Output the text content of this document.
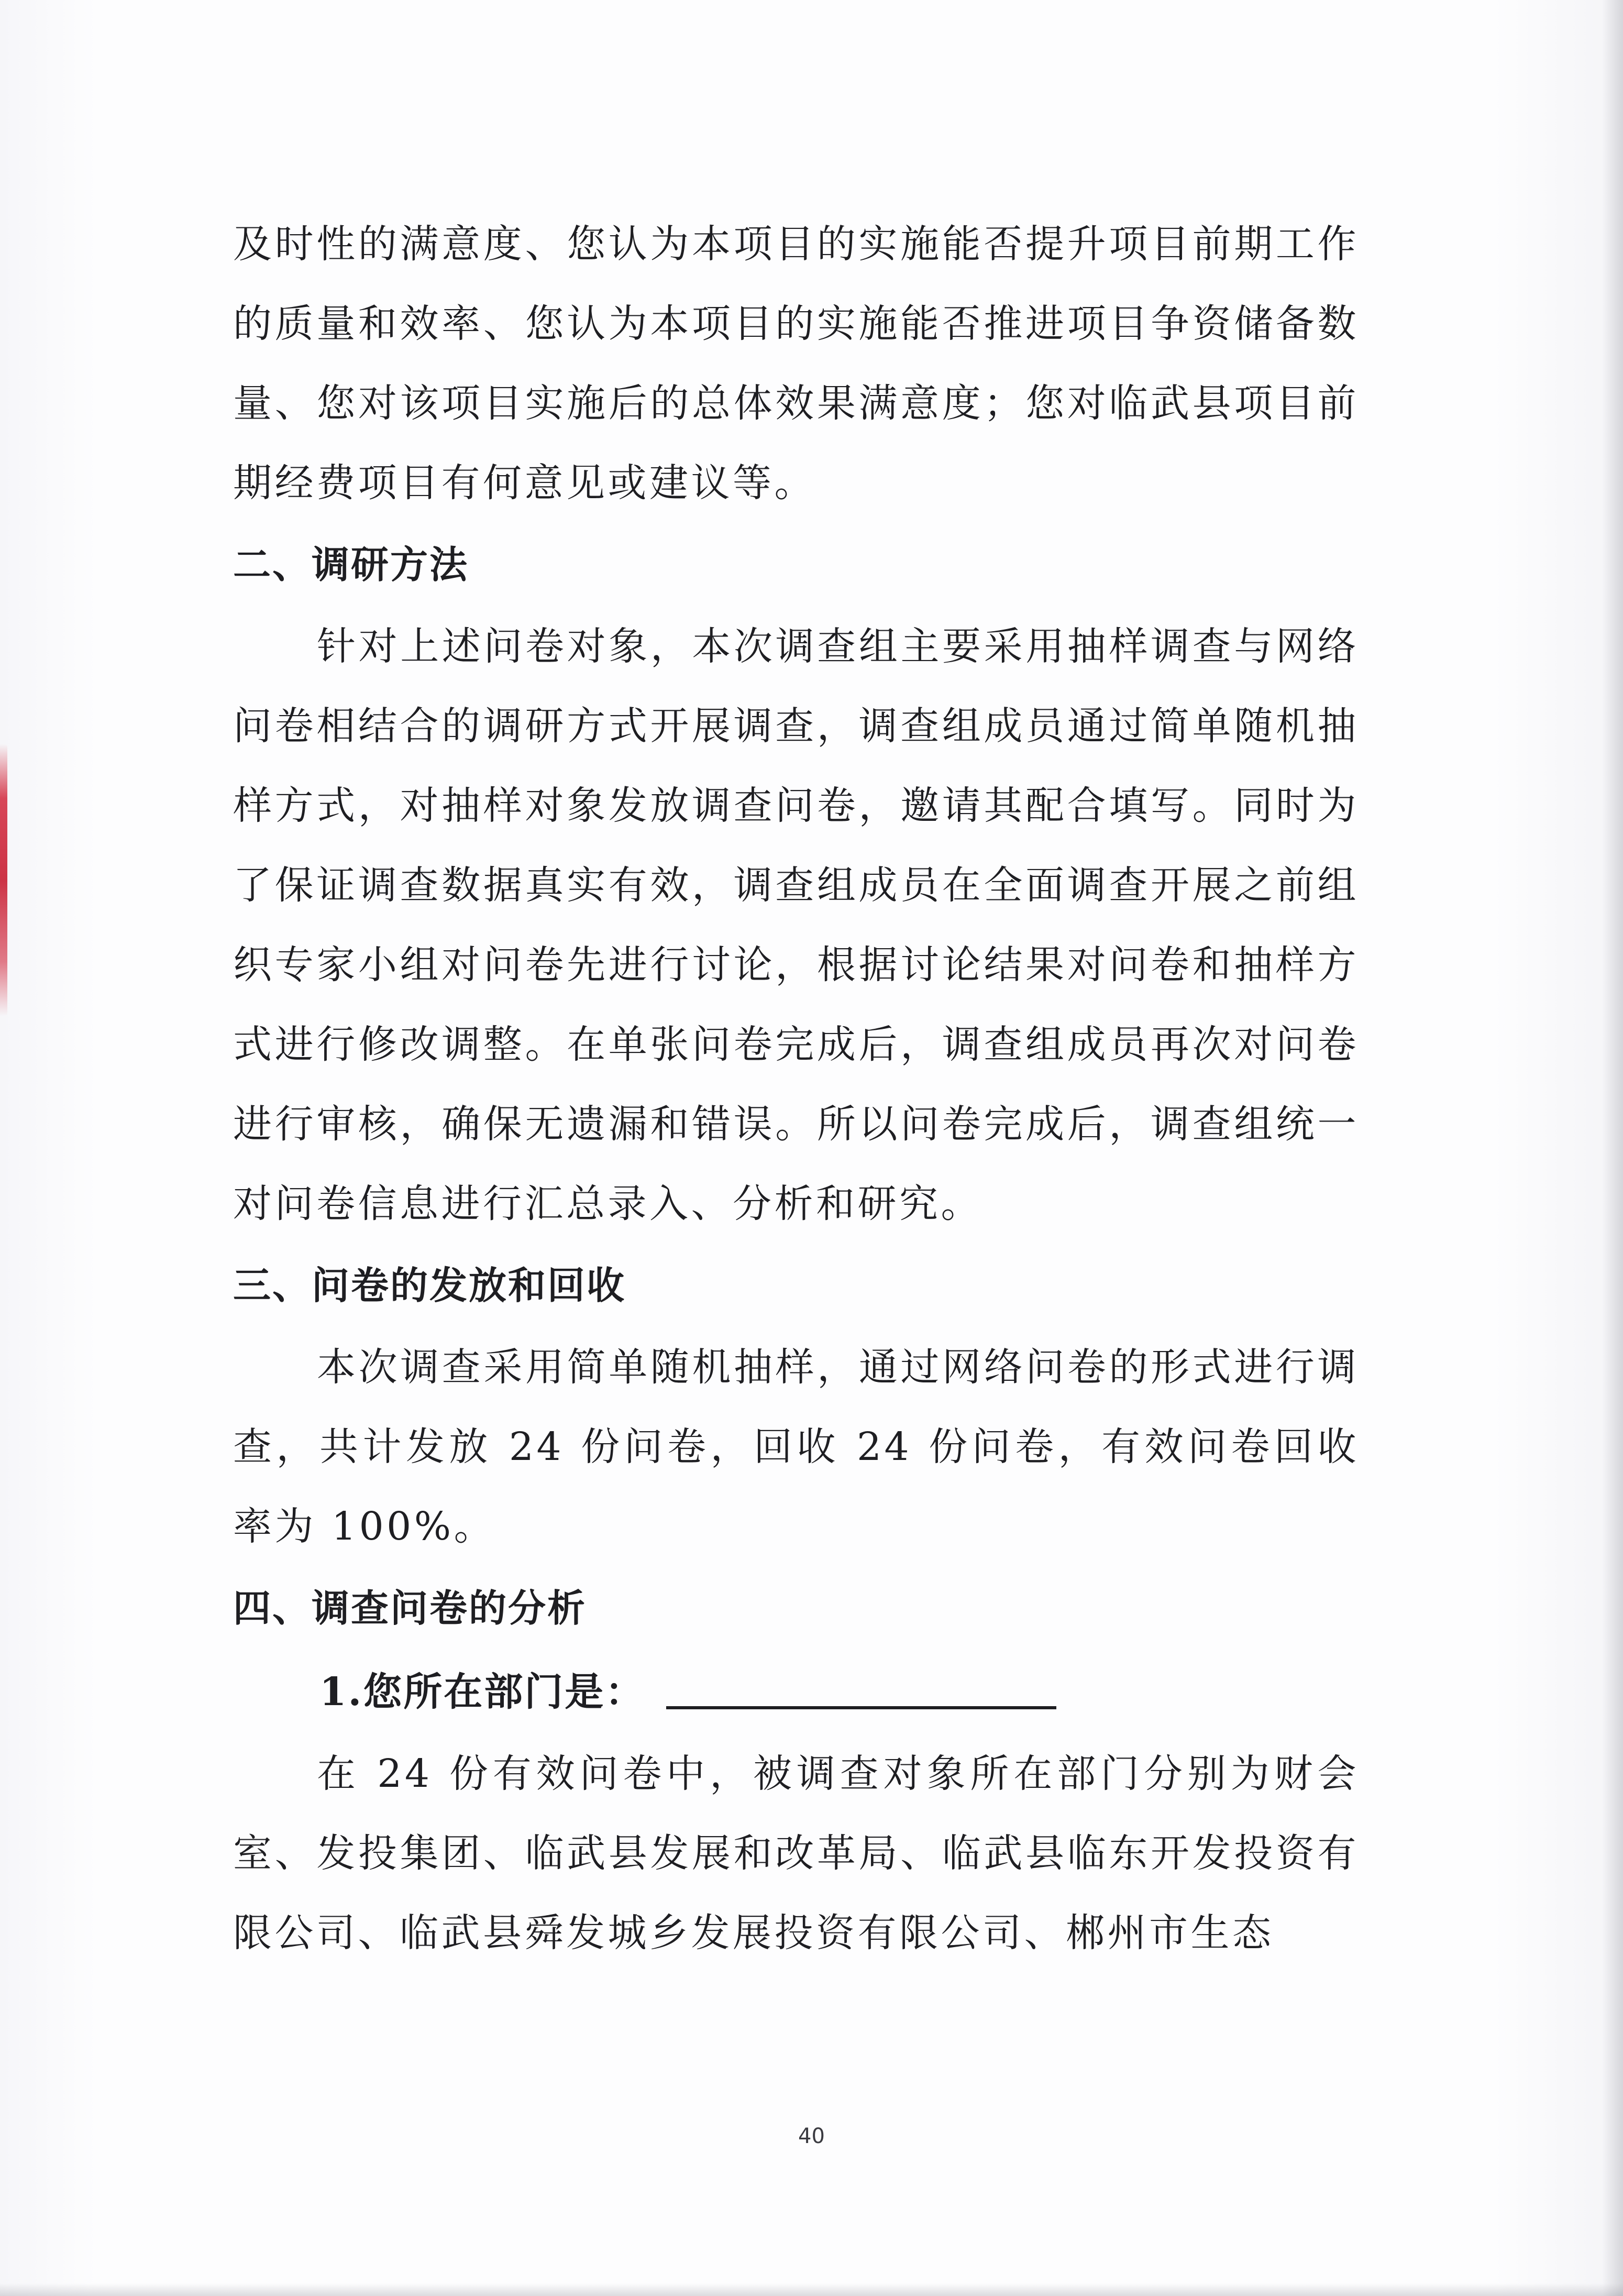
及时性的满意度、您认为本项目的实施能否提升项目前期工作的质量和效率、您认为本项目的实施能否推进项目争资储备数量、您对该项目实施后的总体效果满意度；您对临武县项目前期经费项目有何意见或建议等。

二、调研方法

针对上述问卷对象，本次调查组主要采用抽样调查与网络问卷相结合的调研方式开展调查，调查组成员通过简单随机抽样方式，对抽样对象发放调查问卷，邀请其配合填写。同时为了保证调查数据真实有效，调查组成员在全面调查开展之前组织专家小组对问卷先进行讨论，根据讨论结果对问卷和抽样方式进行修改调整。在单张问卷完成后，调查组成员再次对问卷进行审核，确保无遗漏和错误。所以问卷完成后，调查组统一对问卷信息进行汇总录入、分析和研究。

三、问卷的发放和回收

本次调查采用简单随机抽样，通过网络问卷的形式进行调查，共计发放 24 份问卷，回收 24 份问卷，有效问卷回收率为 100%。

四、调查问卷的分析

1.您所在部门是：

在 24 份有效问卷中，被调查对象所在部门分别为财会室、发投集团、临武县发展和改革局、临武县临东开发投资有限公司、临武县舜发城乡发展投资有限公司、郴州市生态

40
